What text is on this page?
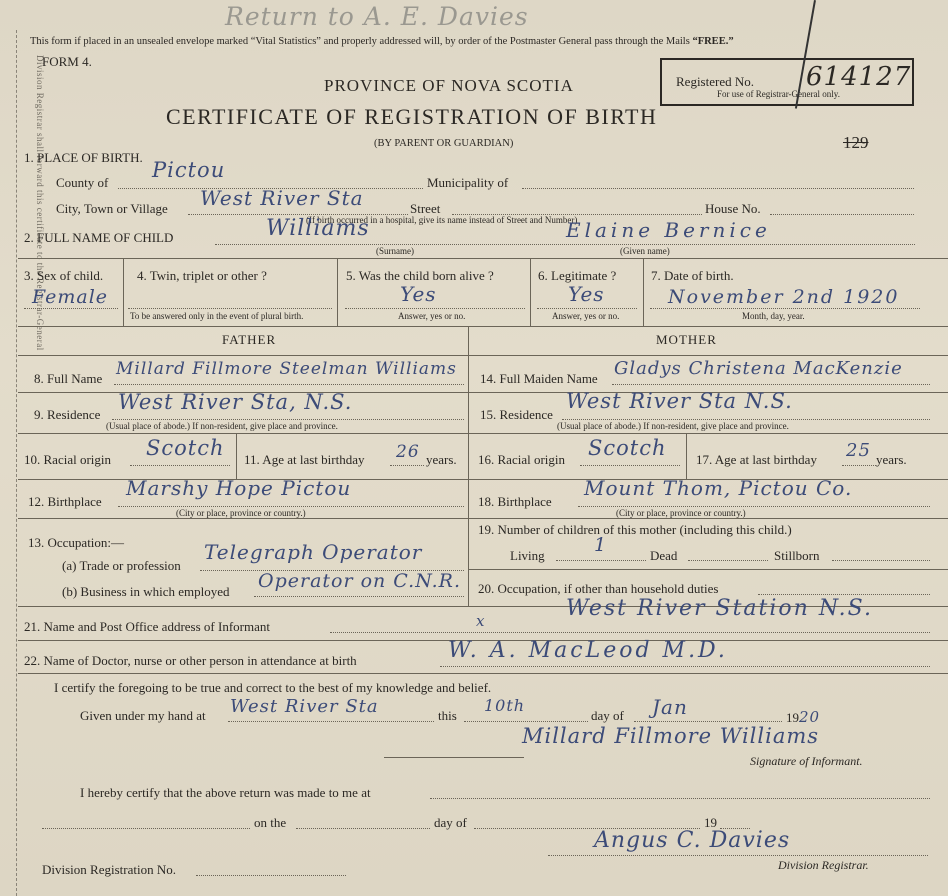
Division Registrar shall forward this certificate to the Registrar-General
Return to A. E. Davies
This form if placed in an unsealed envelope marked “Vital Statistics” and properly addressed will, by order of the Postmaster General pass through the Mails “FREE.”
FORM 4.
Registered No. 614127
For use of Registrar-General only.
PROVINCE OF NOVA SCOTIA
CERTIFICATE OF REGISTRATION OF BIRTH
(BY PARENT OR GUARDIAN)	129
1. PLACE OF BIRTH.
County of
Pictou
Municipality of
City, Town or Village West River Sta	Street	House No.
(If birth occurred in a hospital, give its name instead of Street and Number)
2. FULL NAME OF CHILD	Williams	Elaine Bernice
(Surname)	(Given name)
3. Sex of child.
Female
4. Twin, triplet or other ?
To be answered only in the event of plural birth.
5. Was the child born alive ?
Yes
Answer, yes or no.
6. Legitimate ?
Yes
Answer, yes or no.
7. Date of birth.
November 2nd 1920
Month, day, year.
FATHER	MOTHER
8. Full Name Millard Fillmore Steelman Williams 14. Full Maiden Name Gladys Christena MacKenzie
9. Residence
West River Sta, N.S.
(Usual place of abode.) If non-resident, give place and province.
15. Residence
West River Sta N.S.
(Usual place of abode.) If non-resident, give place and province.
10. Racial origin Scotch 11. Age at last birthday 26 years. 16. Racial origin Scotch 17. Age at last birthday 25 years.
12. Birthplace
Marshy Hope Pictou
(City or place, province or country.)
18. Birthplace
Mount Thom, Pictou Co.
(City or place, province or country.)
13. Occupation:—
(a) Trade or profession
Telegraph Operator
(b) Business in which employed Operator on C.N.R.
19. Number of children of this mother (including this child.)
Living	1	Dead	Stillborn
20. Occupation, if other than household duties
21. Name and Post Office address of Informant	x	West River Station N.S.
22. Name of Doctor, nurse or other person in attendance at birth	W. A. MacLeod M.D.
I certify the foregoing to be true and correct to the best of my knowledge and belief.
Given under my hand at West River Sta	this
10th
day of Jan	1920
Millard Fillmore Williams
Signature of Informant.
I hereby certify that the above return was made to me at
on the	day of	19
Division Registration No.
Angus C. Davies
Division Registrar.
